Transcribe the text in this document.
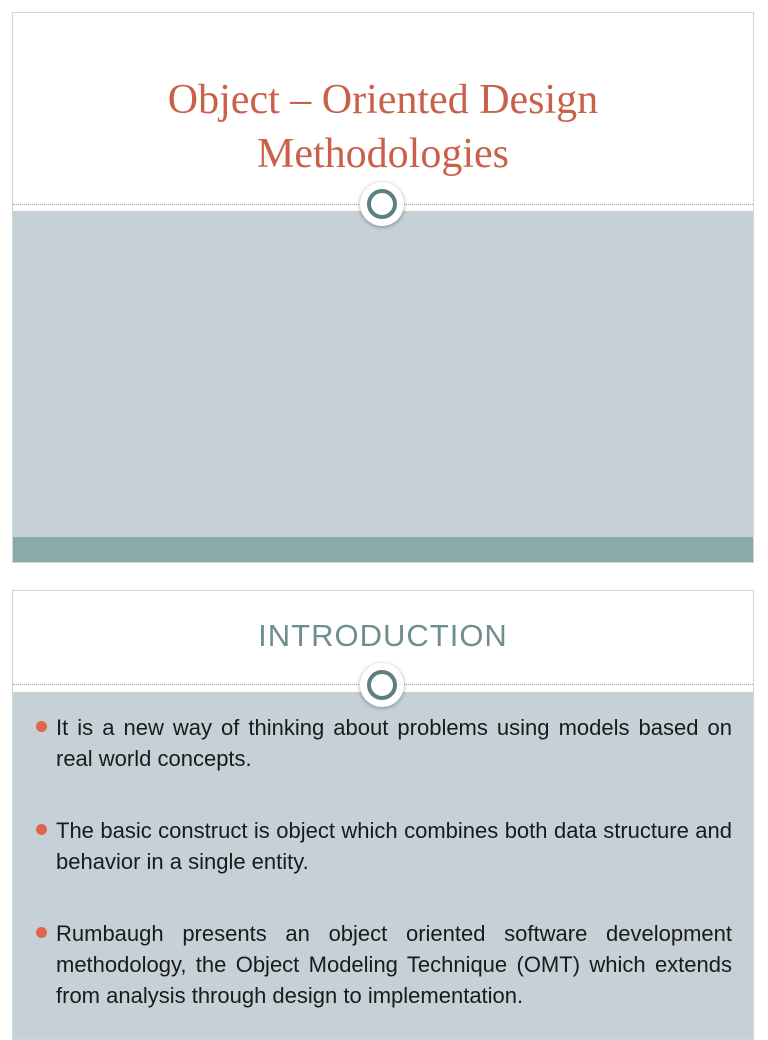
Object – Oriented Design
Methodologies
INTRODUCTION
It is a new way of thinking about problems using models based on real world concepts.
The basic construct is object which combines both data structure and behavior in a single entity.
Rumbaugh presents an object oriented software development methodology, the Object Modeling Technique (OMT) which extends from analysis through design to implementation.
